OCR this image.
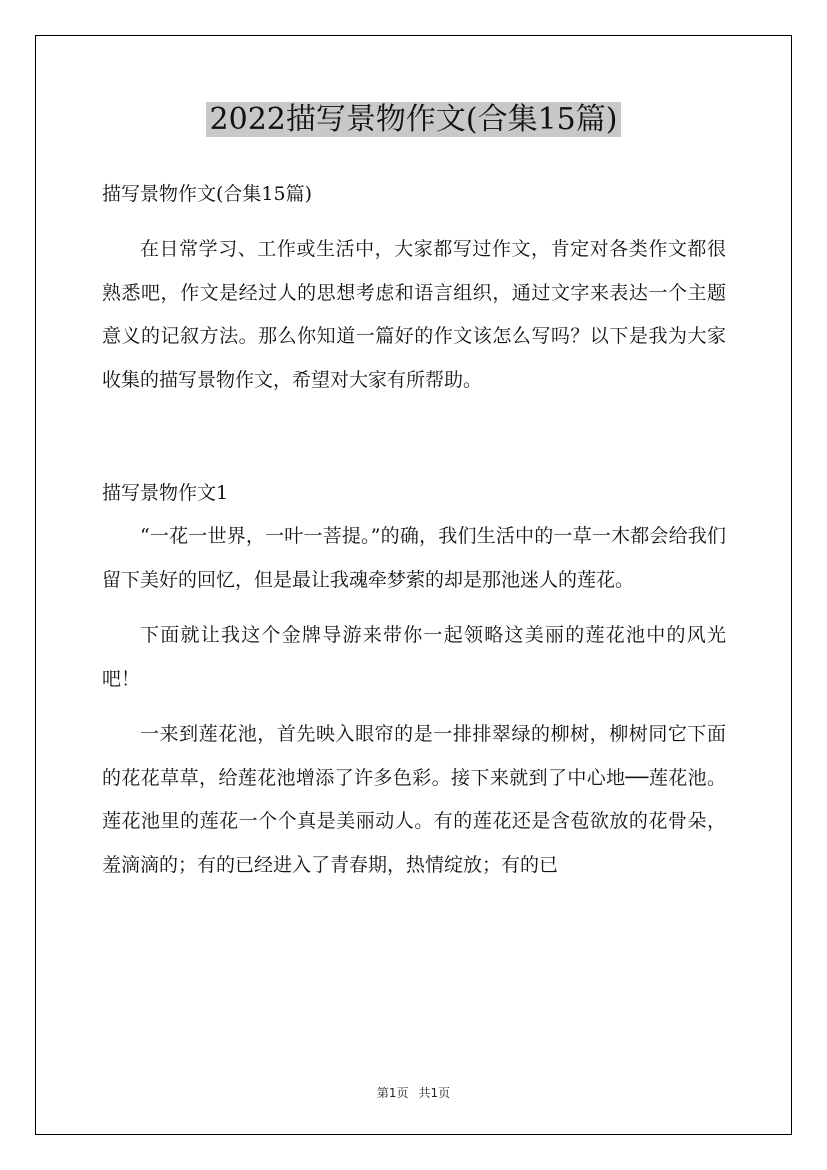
2022描写景物作文(合集15篇)

描写景物作文(合集15篇)

在日常学习、工作或生活中，大家都写过作文，肯定对各类作文都很熟悉吧，作文是经过人的思想考虑和语言组织，通过文字来表达一个主题意义的记叙方法。那么你知道一篇好的作文该怎么写吗？以下是我为大家收集的描写景物作文，希望对大家有所帮助。

描写景物作文1

“一花一世界，一叶一菩提。”的确，我们生活中的一草一木都会给我们留下美好的回忆，但是最让我魂牵梦萦的却是那池迷人的莲花。

下面就让我这个金牌导游来带你一起领略这美丽的莲花池中的风光吧！

一来到莲花池，首先映入眼帘的是一排排翠绿的柳树，柳树同它下面的花花草草，给莲花池增添了许多色彩。接下来就到了中心地──莲花池。莲花池里的莲花一个个真是美丽动人。有的莲花还是含苞欲放的花骨朵，羞滴滴的；有的已经进入了青春期，热情绽放；有的已

第1页 共1页
